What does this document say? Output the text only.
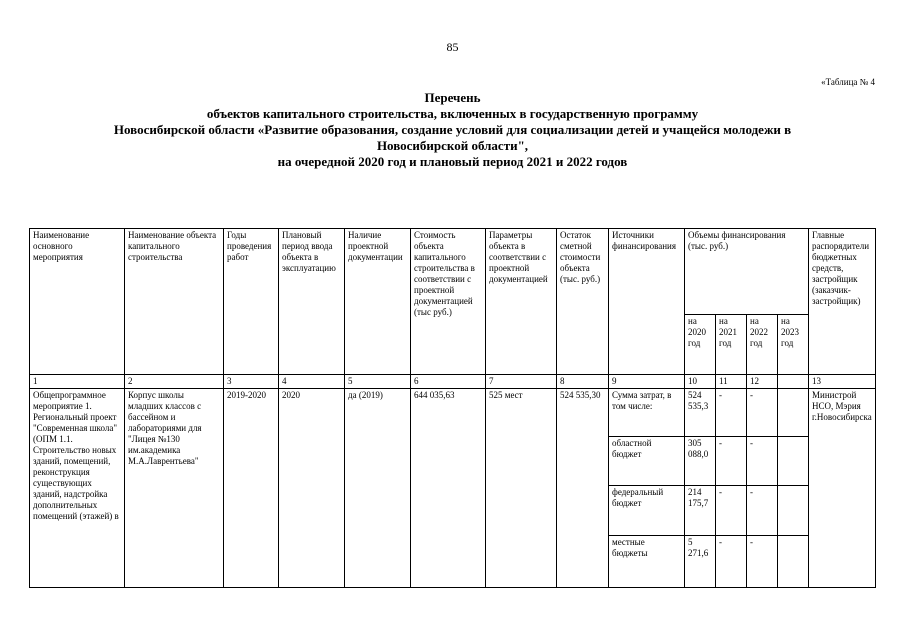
85
«Таблица № 4
Перечень
объектов капитального строительства, включенных в государственную программу
Новосибирской области «Развитие образования, создание условий для социализации детей и учащейся молодежи в
Новосибирской области",
на очередной 2020 год и плановый период 2021 и 2022 годов
Наименование основного мероприятия	Наименование объекта капитального строительства	Годы проведения работ	Плановый период ввода объекта в эксплуатацию	Наличие проектной документации	Стоимость объекта капитального строительства в соответствии с проектной документацией (тыс руб.)	Параметры объекта в соответствии с проектной документацией	Остаток сметной стоимости объекта (тыс. руб.)	Источники финансирования	Объемы финансирования (тыс. руб.)				Главные распорядители бюджетных средств, застройщик (заказчик-застройщик)
									на 2020 год	на 2021 год	на 2022 год	на 2023 год	
1	2	3	4	5	6	7	8	9	10	11	12		13
Общепрограммное мероприятие 1. Региональный проект "Современная школа" (ОПМ 1.1. Строительство новых зданий, помещений, реконструкция существующих зданий, надстройка дополнительных помещений (этажей) в	Корпус школы младших классов с бассейном и лабораториями для "Лицея №130 им.академика М.А.Лаврентьева"	2019-2020	2020	да (2019)	644 035,63	525 мест	524 535,30	Сумма затрат, в том числе:	524 535,3	-	-		Министрой НСО, Мэрия г.Новосибирска
								областной бюджет	305 088,0	-	-		
								федеральный бюджет	214 175,7	-	-		
								местные бюджеты	5 271,6	-	-		
